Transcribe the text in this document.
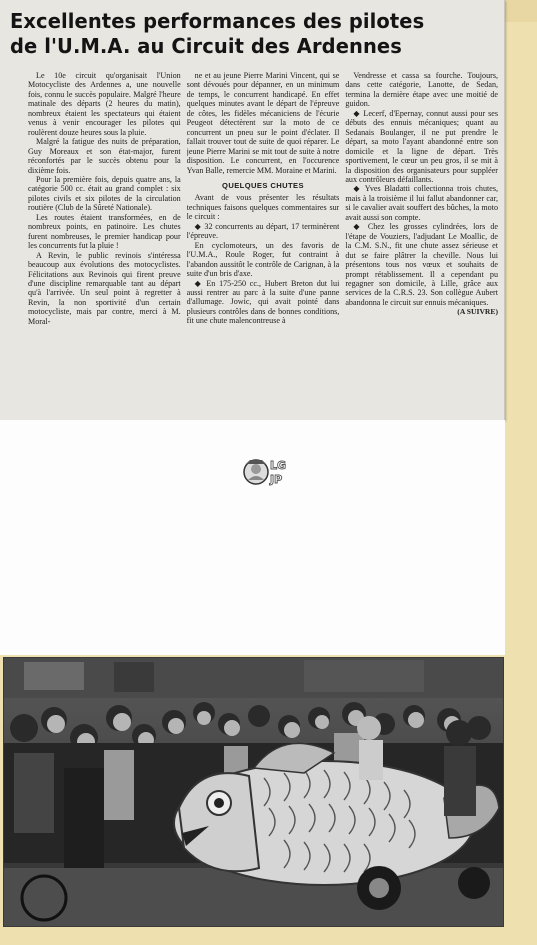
Excellentes performances des pilotes
de l'U.M.A. au Circuit des Ardennes

Le 10e circuit qu'organisait l'Union Motocycliste des Ardennes a, une nouvelle fois, connu le succès populaire. Malgré l'heure matinale des départs (2 heures du matin), nombreux étaient les spectateurs qui étaient venus à venir encourager les pilotes qui roulèrent douze heures sous la pluie.

Malgré la fatigue des nuits de préparation, Guy Moreaux et son état-major, furent réconfortés par le succès obtenu pour la dixième fois.

Pour la première fois, depuis quatre ans, la catégorie 500 cc. était au grand complet : six pilotes civils et six pilotes de la circulation routière (Club de la Sûreté Nationale).

Les routes étaient transformées, en de nombreux points, en patinoire. Les chutes furent nombreuses, le premier handicap pour les concurrents fut la pluie !

A Revin, le public revinois s'intéressa beaucoup aux évolutions des motocyclistes. Félicitations aux Revinois qui firent preuve d'une discipline remarquable tant au départ qu'à l'arrivée. Un seul point à regretter à Revin, la non sportivité d'un certain motocycliste, mais par contre, merci à M. Moral-

ne et au jeune Pierre Marini Vincent, qui se sont dévoués pour dépanner, en un minimum de temps, le concurrent handicapé. En effet quelques minutes avant le départ de l'épreuve de côtes, les fidèles mécaniciens de l'écurie Peugeot détectèrent sur la moto de ce concurrent un pneu sur le point d'éclater. Il fallait trouver tout de suite de quoi réparer. Le jeune Pierre Marini se mit tout de suite à notre disposition. Le concurrent, en l'occurence Yvan Balle, remercie MM. Moraine et Marini.

QUELQUES CHUTES

Avant de vous présenter les résultats techniques faisons quelques commentaires sur le circuit :

◆ 32 concurrents au départ, 17 terminèrent l'épreuve.

En cyclomoteurs, un des favoris de l'U.M.A., Roule Roger, fut contraint à l'abandon aussitôt le contrôle de Carignan, à la suite d'un bris d'axe.

◆ En 175-250 cc., Hubert Breton dut lui aussi rentrer au parc à la suite d'une panne d'allumage. Jowic, qui avait pointé dans plusieurs contrôles dans de bonnes conditions, fit une chute malencontreuse à

Vendresse et cassa sa fourche. Toujours, dans cette catégorie, Lanotte, de Sedan, termina la dernière étape avec une moitié de guidon.

◆ Lecerf, d'Epernay, connut aussi pour ses débuts des ennuis mécaniques; quant au Sedanais Boulanger, il ne put prendre le départ, sa moto l'ayant abandonné entre son domicile et la ligne de départ. Très sportivement, le cœur un peu gros, il se mit à la disposition des organisateurs pour suppléer aux contrôleurs défaillants.

◆ Yves Bladatti collectionna trois chutes, mais à la troisième il lui fallut abandonner car, si le cavalier avait souffert des bûches, la moto avait aussi son compte.

◆ Chez les grosses cylindrées, lors de l'étape de Vouziers, l'adjudant Le Moallic, de la C.M. S.N., fit une chute assez sérieuse et dut se faire plâtrer la cheville. Nous lui présentons tous nos vœux et souhaits de prompt rétablissement. Il a cependant pu regagner son domicile, à Lille, grâce aux services de la C.R.S. 23. Son collègue Aubert abandonna le circuit sur ennuis mécaniques.

(A SUIVRE)
LG
JP
